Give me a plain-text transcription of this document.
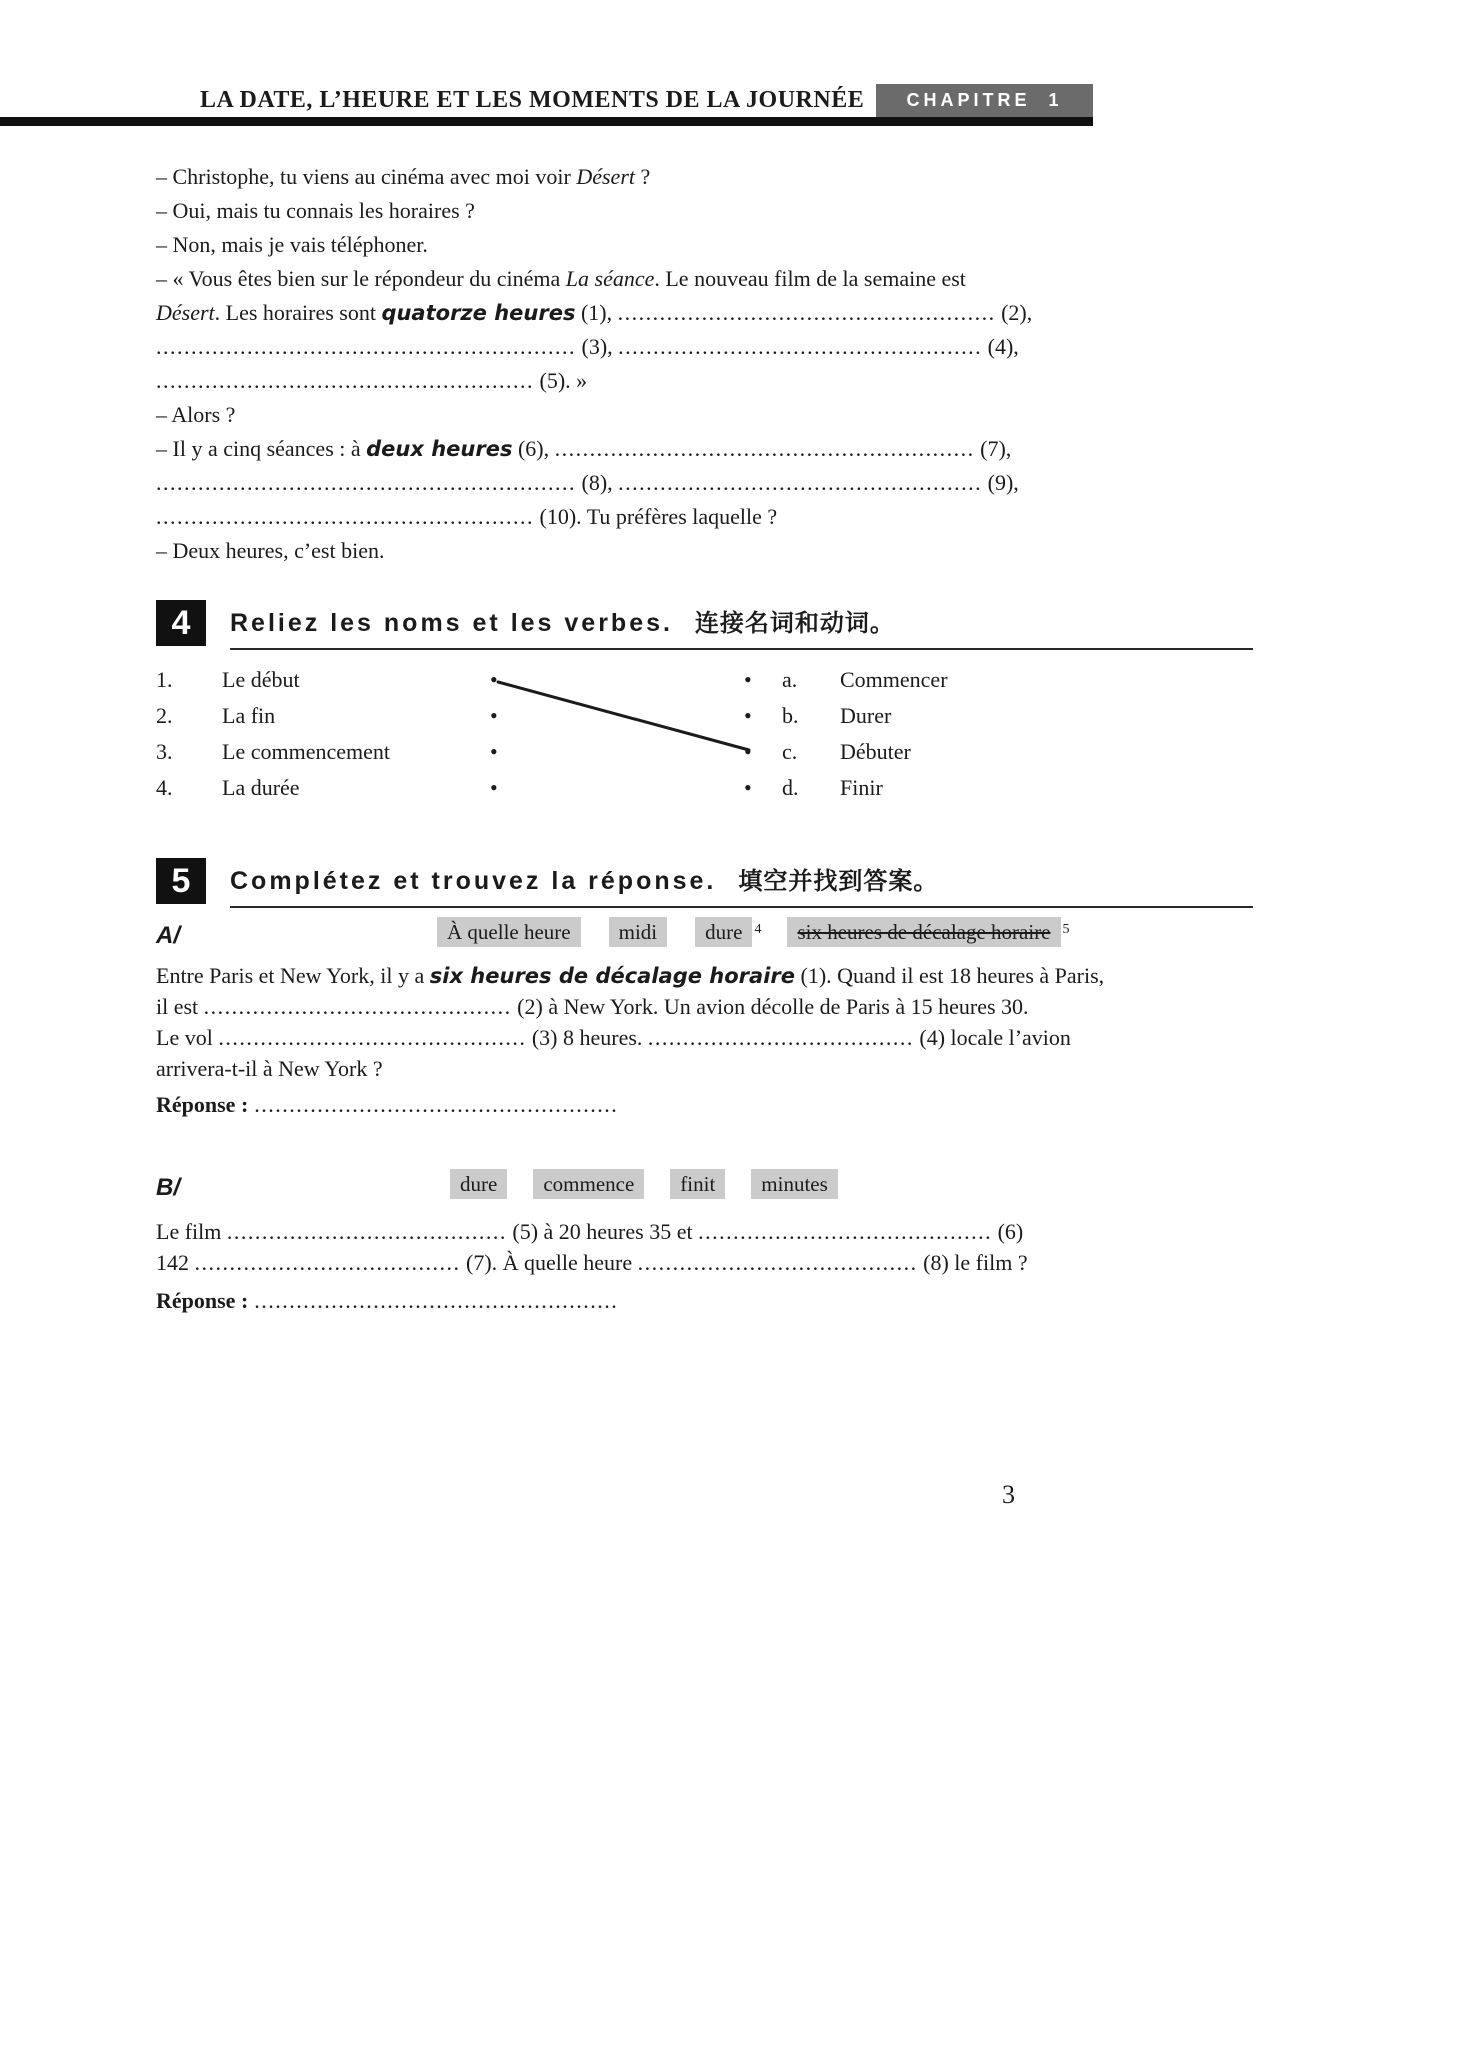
LA DATE, L’HEURE ET LES MOMENTS DE LA JOURNÉE CHAPITRE 1
– Christophe, tu viens au cinéma avec moi voir Désert ?
– Oui, mais tu connais les horaires ?
– Non, mais je vais téléphoner.
– « Vous êtes bien sur le répondeur du cinéma La séance. Le nouveau film de la semaine est
Désert. Les horaires sont quatorze heures (1), ...................................................... (2),
............................................................ (3), .................................................... (4),
...................................................... (5). »
– Alors ?
– Il y a cinq séances : à deux heures (6), ............................................................ (7),
............................................................ (8), .................................................... (9),
...................................................... (10). Tu préfères laquelle ?
– Deux heures, c’est bien.
4 Reliez les noms et les verbes. 连接名词和动词。
1. Le début	•	• a. Commencer
2. La fin	•	• b. Durer
3. Le commencement	•	• c. Débuter
4. La durée	•	• d. Finir
5 Complétez et trouvez la réponse. 填空并找到答案。
A/	À quelle heure	midi	dure $^4$	six heures de décalage horaire $^5$
Entre Paris et New York, il y a six heures de décalage horaire (1). Quand il est 18 heures à Paris,
il est ............................................ (2) à New York. Un avion décolle de Paris à 15 heures 30.
Le vol ............................................ (3) 8 heures. ...................................... (4) locale l’avion
arrivera-t-il à New York ?
Réponse : ....................................................
B/	dure	commence	finit	minutes
Le film ........................................ (5) à 20 heures 35 et .......................................... (6)
142 ...................................... (7). À quelle heure ........................................ (8) le film ?
Réponse : ....................................................
3
